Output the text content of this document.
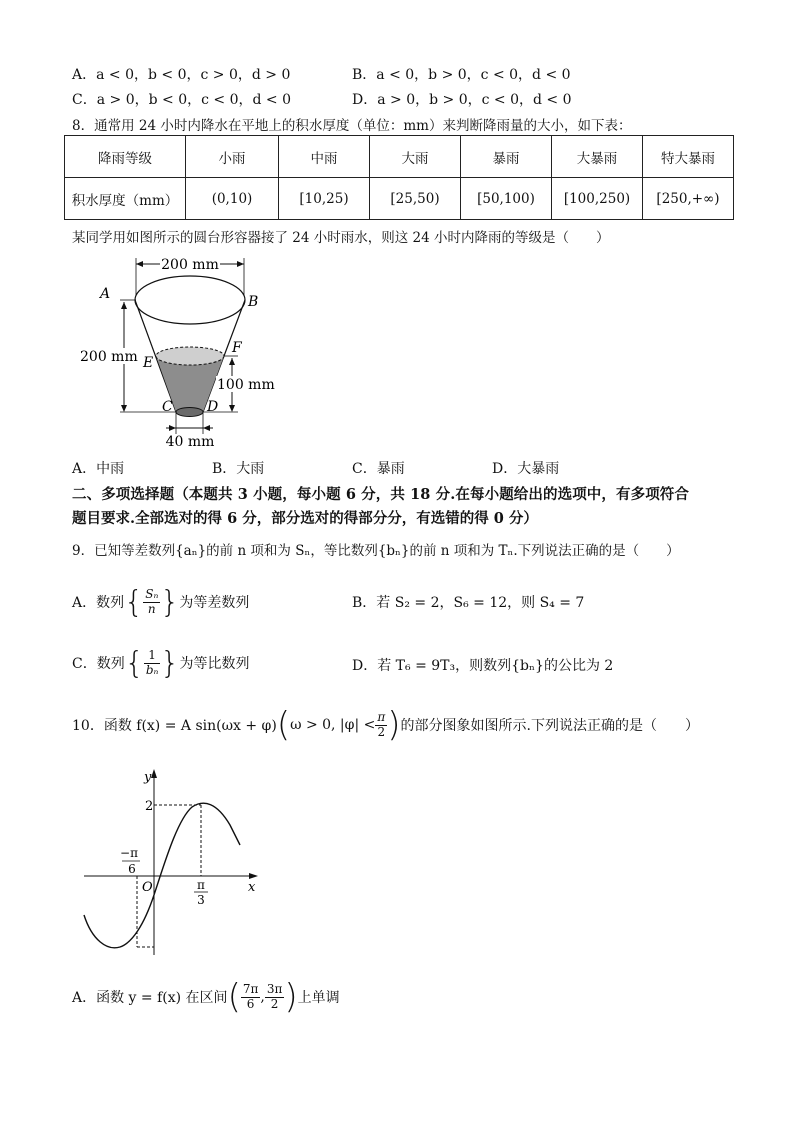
A．a < 0，b < 0，c > 0，d > 0	B．a < 0，b > 0，c < 0，d < 0
C．a > 0，b < 0，c < 0，d < 0	D．a > 0，b > 0，c < 0，d < 0
8．通常用 24 小时内降水在平地上的积水厚度（单位：mm）来判断降雨量的大小，如下表：
降雨等级	小雨	中雨	大雨	暴雨	大暴雨	特大暴雨
积水厚度（mm）	(0,10)	[10,25)	[25,50)	[50,100)	[100,250)	[250,+∞)
某同学用如图所示的圆台形容器接了 24 小时雨水，则这 24 小时内降雨的等级是（　　）
200 mm
A	B
E
F
C D
200 mm
100 mm
40 mm
A．中雨	B．大雨	C．暴雨	D．大暴雨
二、多项选择题（本题共 3 小题，每小题 6 分，共 18 分.在每小题给出的选项中，有多项符合
题目要求.全部选对的得 6 分，部分选对的得部分分，有选错的得 0 分）
9．已知等差数列{aₙ}的前 n 项和为 Sₙ，等比数列{bₙ}的前 n 项和为 Tₙ.下列说法正确的是（　　）
A．数列 { $\frac{\text{Sₙ}}{n}$ } 为等差数列	B．若 S₂ = 2，S₆ = 12，则 S₄ = 7
C．数列 { $\frac{1}{\text{bₙ}}$ } 为等比数列	D．若 T₆ = 9T₃，则数列{bₙ}的公比为 2
10．函数 f(x) = A sin(ωx + φ) ( ω > 0, $|\varphi| < \frac{\pi}{2}$ ) 的部分图象如图所示.下列说法正确的是（　　）
y
x
O
2
−π
6
π
3
A．函数 y = f(x) 在区间 ( $\frac{7\pi}{6}$ , $\frac{3\pi}{2}$ ) 上单调
